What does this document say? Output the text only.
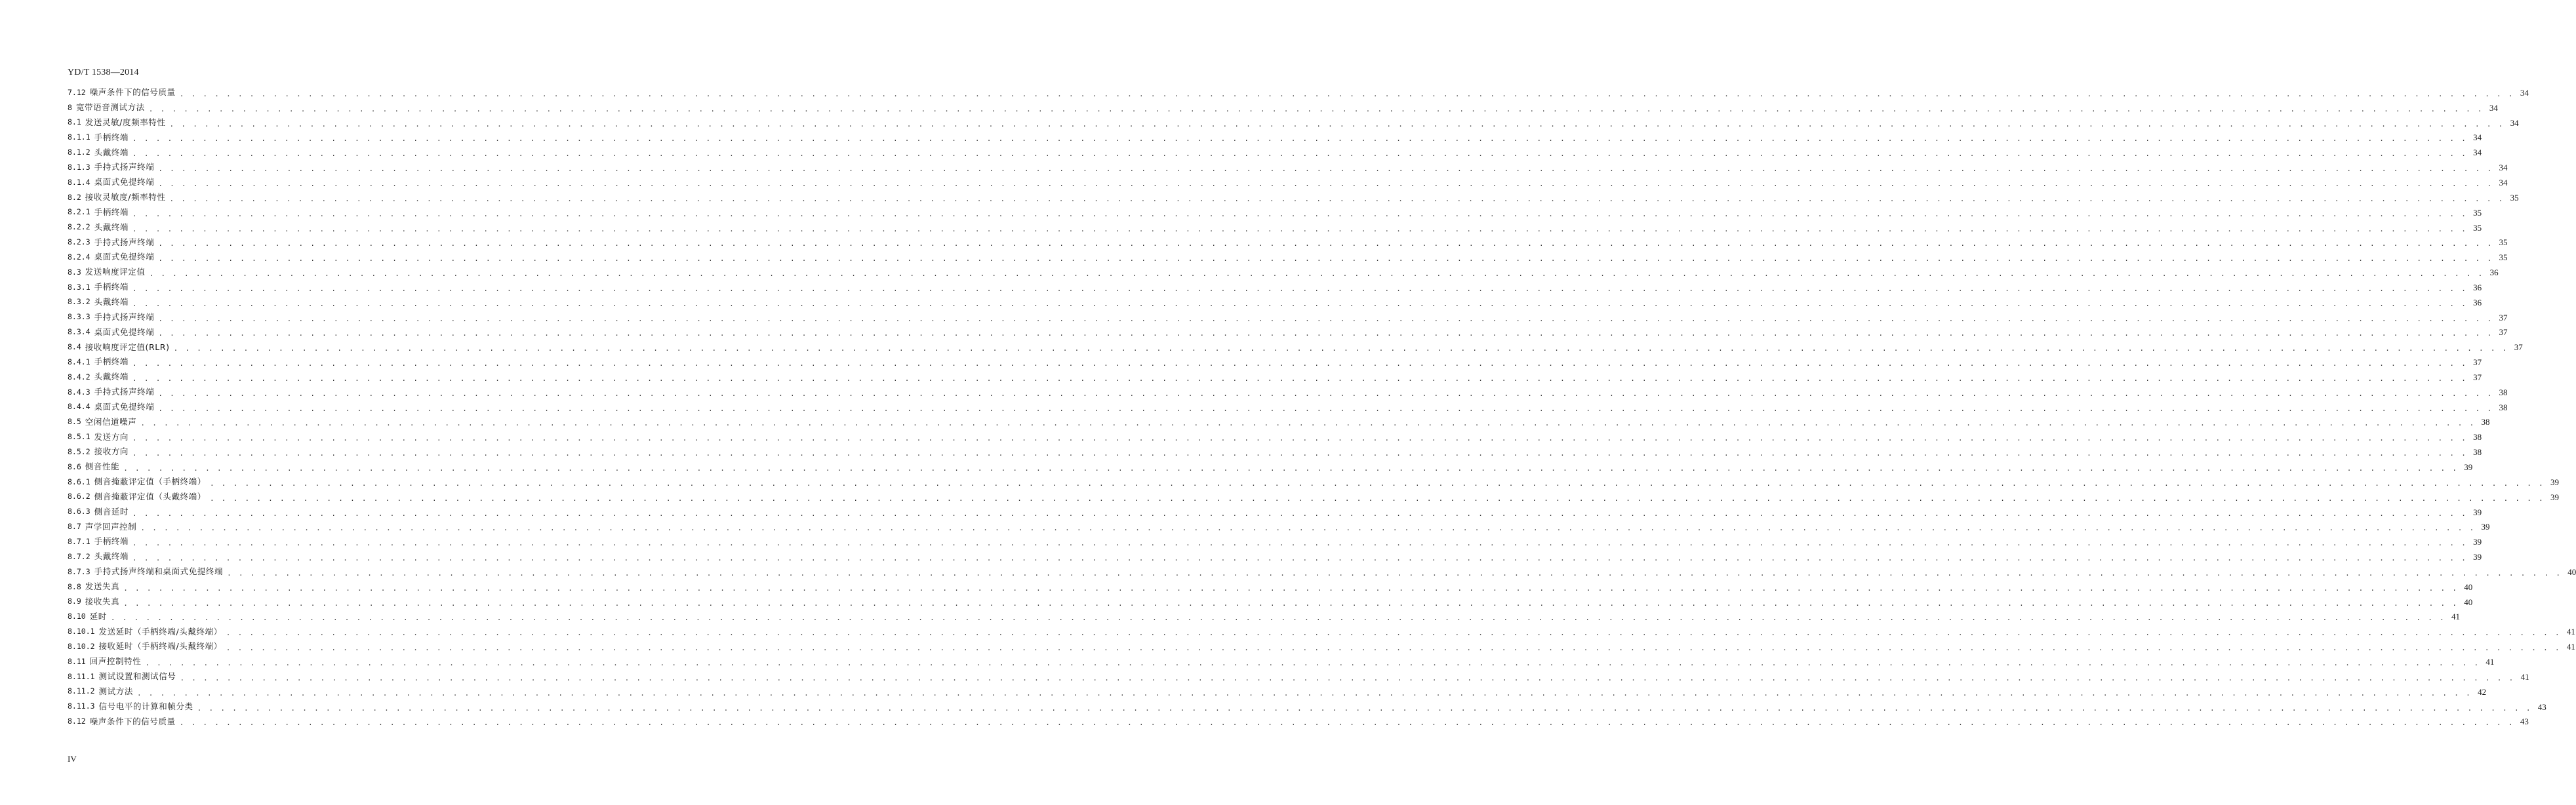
YD/T 1538—2014
7.12 噪声条件下的信号质量 . . . . . . . . . . . . . . . . . . . . . . . . . . . . . . . . . . . . . . . . . . . . . . . . . . . . . . . . . . . . . . . . . . . . . . . . . . . . . . . . . . . . . . . . . . . . . . . . . . . . . . . . . . . . . . . . . . . . . . . . . . . . . . . . . . . . . . . . . . . . . . . . . . . . . . . . . . . . . . . . . . . . . . . . . . . . . . . . . . . . . . . . . . . . . . . . . . . . . . . . 34
8 宽带语音测试方法 . . . . . . . . . . . . . . . . . . . . . . . . . . . . . . . . . . . . . . . . . . . . . . . . . . . . . . . . . . . . . . . . . . . . . . . . . . . . . . . . . . . . . . . . . . . . . . . . . . . . . . . . . . . . . . . . . . . . . . . . . . . . . . . . . . . . . . . . . . . . . . . . . . . . . . . . . . . . . . . . . . . . . . . . . . . . . . . . . . . . . . . . . . . . . . . . . . . . . . . . 34
8.1 发送灵敏/度频率特性 . . . . . . . . . . . . . . . . . . . . . . . . . . . . . . . . . . . . . . . . . . . . . . . . . . . . . . . . . . . . . . . . . . . . . . . . . . . . . . . . . . . . . . . . . . . . . . . . . . . . . . . . . . . . . . . . . . . . . . . . . . . . . . . . . . . . . . . . . . . . . . . . . . . . . . . . . . . . . . . . . . . . . . . . . . . . . . . . . . . . . . . . . . . . . . . . . . . . . . . . 34
8.1.1 手柄终端 . . . . . . . . . . . . . . . . . . . . . . . . . . . . . . . . . . . . . . . . . . . . . . . . . . . . . . . . . . . . . . . . . . . . . . . . . . . . . . . . . . . . . . . . . . . . . . . . . . . . . . . . . . . . . . . . . . . . . . . . . . . . . . . . . . . . . . . . . . . . . . . . . . . . . . . . . . . . . . . . . . . . . . . . . . . . . . . . . . . . . . . . . . . . . . . . . . . . . . . . 34
8.1.2 头戴终端 . . . . . . . . . . . . . . . . . . . . . . . . . . . . . . . . . . . . . . . . . . . . . . . . . . . . . . . . . . . . . . . . . . . . . . . . . . . . . . . . . . . . . . . . . . . . . . . . . . . . . . . . . . . . . . . . . . . . . . . . . . . . . . . . . . . . . . . . . . . . . . . . . . . . . . . . . . . . . . . . . . . . . . . . . . . . . . . . . . . . . . . . . . . . . . . . . . . . . . . . 34
8.1.3 手持式扬声终端 . . . . . . . . . . . . . . . . . . . . . . . . . . . . . . . . . . . . . . . . . . . . . . . . . . . . . . . . . . . . . . . . . . . . . . . . . . . . . . . . . . . . . . . . . . . . . . . . . . . . . . . . . . . . . . . . . . . . . . . . . . . . . . . . . . . . . . . . . . . . . . . . . . . . . . . . . . . . . . . . . . . . . . . . . . . . . . . . . . . . . . . . . . . . . . . . . . . . . . . . 34
8.1.4 桌面式免提终端 . . . . . . . . . . . . . . . . . . . . . . . . . . . . . . . . . . . . . . . . . . . . . . . . . . . . . . . . . . . . . . . . . . . . . . . . . . . . . . . . . . . . . . . . . . . . . . . . . . . . . . . . . . . . . . . . . . . . . . . . . . . . . . . . . . . . . . . . . . . . . . . . . . . . . . . . . . . . . . . . . . . . . . . . . . . . . . . . . . . . . . . . . . . . . . . . . . . . . . . . 34
8.2 接收灵敏度/频率特性 . . . . . . . . . . . . . . . . . . . . . . . . . . . . . . . . . . . . . . . . . . . . . . . . . . . . . . . . . . . . . . . . . . . . . . . . . . . . . . . . . . . . . . . . . . . . . . . . . . . . . . . . . . . . . . . . . . . . . . . . . . . . . . . . . . . . . . . . . . . . . . . . . . . . . . . . . . . . . . . . . . . . . . . . . . . . . . . . . . . . . . . . . . . . . . . . . . . . . . . . 35
8.2.1 手柄终端 . . . . . . . . . . . . . . . . . . . . . . . . . . . . . . . . . . . . . . . . . . . . . . . . . . . . . . . . . . . . . . . . . . . . . . . . . . . . . . . . . . . . . . . . . . . . . . . . . . . . . . . . . . . . . . . . . . . . . . . . . . . . . . . . . . . . . . . . . . . . . . . . . . . . . . . . . . . . . . . . . . . . . . . . . . . . . . . . . . . . . . . . . . . . . . . . . . . . . . . . 35
8.2.2 头戴终端 . . . . . . . . . . . . . . . . . . . . . . . . . . . . . . . . . . . . . . . . . . . . . . . . . . . . . . . . . . . . . . . . . . . . . . . . . . . . . . . . . . . . . . . . . . . . . . . . . . . . . . . . . . . . . . . . . . . . . . . . . . . . . . . . . . . . . . . . . . . . . . . . . . . . . . . . . . . . . . . . . . . . . . . . . . . . . . . . . . . . . . . . . . . . . . . . . . . . . . . . 35
8.2.3 手持式扬声终端 . . . . . . . . . . . . . . . . . . . . . . . . . . . . . . . . . . . . . . . . . . . . . . . . . . . . . . . . . . . . . . . . . . . . . . . . . . . . . . . . . . . . . . . . . . . . . . . . . . . . . . . . . . . . . . . . . . . . . . . . . . . . . . . . . . . . . . . . . . . . . . . . . . . . . . . . . . . . . . . . . . . . . . . . . . . . . . . . . . . . . . . . . . . . . . . . . . . . . . . . 35
8.2.4 桌面式免提终端 . . . . . . . . . . . . . . . . . . . . . . . . . . . . . . . . . . . . . . . . . . . . . . . . . . . . . . . . . . . . . . . . . . . . . . . . . . . . . . . . . . . . . . . . . . . . . . . . . . . . . . . . . . . . . . . . . . . . . . . . . . . . . . . . . . . . . . . . . . . . . . . . . . . . . . . . . . . . . . . . . . . . . . . . . . . . . . . . . . . . . . . . . . . . . . . . . . . . . . . . 35
8.3 发送响度评定值 . . . . . . . . . . . . . . . . . . . . . . . . . . . . . . . . . . . . . . . . . . . . . . . . . . . . . . . . . . . . . . . . . . . . . . . . . . . . . . . . . . . . . . . . . . . . . . . . . . . . . . . . . . . . . . . . . . . . . . . . . . . . . . . . . . . . . . . . . . . . . . . . . . . . . . . . . . . . . . . . . . . . . . . . . . . . . . . . . . . . . . . . . . . . . . . . . . . . . . . . 36
8.3.1 手柄终端 . . . . . . . . . . . . . . . . . . . . . . . . . . . . . . . . . . . . . . . . . . . . . . . . . . . . . . . . . . . . . . . . . . . . . . . . . . . . . . . . . . . . . . . . . . . . . . . . . . . . . . . . . . . . . . . . . . . . . . . . . . . . . . . . . . . . . . . . . . . . . . . . . . . . . . . . . . . . . . . . . . . . . . . . . . . . . . . . . . . . . . . . . . . . . . . . . . . . . . . . 36
8.3.2 头戴终端 . . . . . . . . . . . . . . . . . . . . . . . . . . . . . . . . . . . . . . . . . . . . . . . . . . . . . . . . . . . . . . . . . . . . . . . . . . . . . . . . . . . . . . . . . . . . . . . . . . . . . . . . . . . . . . . . . . . . . . . . . . . . . . . . . . . . . . . . . . . . . . . . . . . . . . . . . . . . . . . . . . . . . . . . . . . . . . . . . . . . . . . . . . . . . . . . . . . . . . . . 36
8.3.3 手持式扬声终端 . . . . . . . . . . . . . . . . . . . . . . . . . . . . . . . . . . . . . . . . . . . . . . . . . . . . . . . . . . . . . . . . . . . . . . . . . . . . . . . . . . . . . . . . . . . . . . . . . . . . . . . . . . . . . . . . . . . . . . . . . . . . . . . . . . . . . . . . . . . . . . . . . . . . . . . . . . . . . . . . . . . . . . . . . . . . . . . . . . . . . . . . . . . . . . . . . . . . . . . . 37
8.3.4 桌面式免提终端 . . . . . . . . . . . . . . . . . . . . . . . . . . . . . . . . . . . . . . . . . . . . . . . . . . . . . . . . . . . . . . . . . . . . . . . . . . . . . . . . . . . . . . . . . . . . . . . . . . . . . . . . . . . . . . . . . . . . . . . . . . . . . . . . . . . . . . . . . . . . . . . . . . . . . . . . . . . . . . . . . . . . . . . . . . . . . . . . . . . . . . . . . . . . . . . . . . . . . . . . 37
8.4 接收响度评定值(RLR) . . . . . . . . . . . . . . . . . . . . . . . . . . . . . . . . . . . . . . . . . . . . . . . . . . . . . . . . . . . . . . . . . . . . . . . . . . . . . . . . . . . . . . . . . . . . . . . . . . . . . . . . . . . . . . . . . . . . . . . . . . . . . . . . . . . . . . . . . . . . . . . . . . . . . . . . . . . . . . . . . . . . . . . . . . . . . . . . . . . . . . . . . . . . . . . . . . . . . . . . 37
8.4.1 手柄终端 . . . . . . . . . . . . . . . . . . . . . . . . . . . . . . . . . . . . . . . . . . . . . . . . . . . . . . . . . . . . . . . . . . . . . . . . . . . . . . . . . . . . . . . . . . . . . . . . . . . . . . . . . . . . . . . . . . . . . . . . . . . . . . . . . . . . . . . . . . . . . . . . . . . . . . . . . . . . . . . . . . . . . . . . . . . . . . . . . . . . . . . . . . . . . . . . . . . . . . . . 37
8.4.2 头戴终端 . . . . . . . . . . . . . . . . . . . . . . . . . . . . . . . . . . . . . . . . . . . . . . . . . . . . . . . . . . . . . . . . . . . . . . . . . . . . . . . . . . . . . . . . . . . . . . . . . . . . . . . . . . . . . . . . . . . . . . . . . . . . . . . . . . . . . . . . . . . . . . . . . . . . . . . . . . . . . . . . . . . . . . . . . . . . . . . . . . . . . . . . . . . . . . . . . . . . . . . . 37
8.4.3 手持式扬声终端 . . . . . . . . . . . . . . . . . . . . . . . . . . . . . . . . . . . . . . . . . . . . . . . . . . . . . . . . . . . . . . . . . . . . . . . . . . . . . . . . . . . . . . . . . . . . . . . . . . . . . . . . . . . . . . . . . . . . . . . . . . . . . . . . . . . . . . . . . . . . . . . . . . . . . . . . . . . . . . . . . . . . . . . . . . . . . . . . . . . . . . . . . . . . . . . . . . . . . . . . 38
8.4.4 桌面式免提终端 . . . . . . . . . . . . . . . . . . . . . . . . . . . . . . . . . . . . . . . . . . . . . . . . . . . . . . . . . . . . . . . . . . . . . . . . . . . . . . . . . . . . . . . . . . . . . . . . . . . . . . . . . . . . . . . . . . . . . . . . . . . . . . . . . . . . . . . . . . . . . . . . . . . . . . . . . . . . . . . . . . . . . . . . . . . . . . . . . . . . . . . . . . . . . . . . . . . . . . . . 38
8.5 空闲信道噪声 . . . . . . . . . . . . . . . . . . . . . . . . . . . . . . . . . . . . . . . . . . . . . . . . . . . . . . . . . . . . . . . . . . . . . . . . . . . . . . . . . . . . . . . . . . . . . . . . . . . . . . . . . . . . . . . . . . . . . . . . . . . . . . . . . . . . . . . . . . . . . . . . . . . . . . . . . . . . . . . . . . . . . . . . . . . . . . . . . . . . . . . . . . . . . . . . . . . . . . . . 38
8.5.1 发送方向 . . . . . . . . . . . . . . . . . . . . . . . . . . . . . . . . . . . . . . . . . . . . . . . . . . . . . . . . . . . . . . . . . . . . . . . . . . . . . . . . . . . . . . . . . . . . . . . . . . . . . . . . . . . . . . . . . . . . . . . . . . . . . . . . . . . . . . . . . . . . . . . . . . . . . . . . . . . . . . . . . . . . . . . . . . . . . . . . . . . . . . . . . . . . . . . . . . . . . . . . 38
8.5.2 接收方向 . . . . . . . . . . . . . . . . . . . . . . . . . . . . . . . . . . . . . . . . . . . . . . . . . . . . . . . . . . . . . . . . . . . . . . . . . . . . . . . . . . . . . . . . . . . . . . . . . . . . . . . . . . . . . . . . . . . . . . . . . . . . . . . . . . . . . . . . . . . . . . . . . . . . . . . . . . . . . . . . . . . . . . . . . . . . . . . . . . . . . . . . . . . . . . . . . . . . . . . . 38
8.6 侧音性能 . . . . . . . . . . . . . . . . . . . . . . . . . . . . . . . . . . . . . . . . . . . . . . . . . . . . . . . . . . . . . . . . . . . . . . . . . . . . . . . . . . . . . . . . . . . . . . . . . . . . . . . . . . . . . . . . . . . . . . . . . . . . . . . . . . . . . . . . . . . . . . . . . . . . . . . . . . . . . . . . . . . . . . . . . . . . . . . . . . . . . . . . . . . . . . . . . . . . . . . . 39
8.6.1 侧音掩蔽评定值（手柄终端） . . . . . . . . . . . . . . . . . . . . . . . . . . . . . . . . . . . . . . . . . . . . . . . . . . . . . . . . . . . . . . . . . . . . . . . . . . . . . . . . . . . . . . . . . . . . . . . . . . . . . . . . . . . . . . . . . . . . . . . . . . . . . . . . . . . . . . . . . . . . . . . . . . . . . . . . . . . . . . . . . . . . . . . . . . . . . . . . . . . . . . . . . . . . . . . . . . . . . . . . 39
8.6.2 侧音掩蔽评定值（头戴终端） . . . . . . . . . . . . . . . . . . . . . . . . . . . . . . . . . . . . . . . . . . . . . . . . . . . . . . . . . . . . . . . . . . . . . . . . . . . . . . . . . . . . . . . . . . . . . . . . . . . . . . . . . . . . . . . . . . . . . . . . . . . . . . . . . . . . . . . . . . . . . . . . . . . . . . . . . . . . . . . . . . . . . . . . . . . . . . . . . . . . . . . . . . . . . . . . . . . . . . . . 39
8.6.3 侧音延时 . . . . . . . . . . . . . . . . . . . . . . . . . . . . . . . . . . . . . . . . . . . . . . . . . . . . . . . . . . . . . . . . . . . . . . . . . . . . . . . . . . . . . . . . . . . . . . . . . . . . . . . . . . . . . . . . . . . . . . . . . . . . . . . . . . . . . . . . . . . . . . . . . . . . . . . . . . . . . . . . . . . . . . . . . . . . . . . . . . . . . . . . . . . . . . . . . . . . . . . . 39
8.7 声学回声控制 . . . . . . . . . . . . . . . . . . . . . . . . . . . . . . . . . . . . . . . . . . . . . . . . . . . . . . . . . . . . . . . . . . . . . . . . . . . . . . . . . . . . . . . . . . . . . . . . . . . . . . . . . . . . . . . . . . . . . . . . . . . . . . . . . . . . . . . . . . . . . . . . . . . . . . . . . . . . . . . . . . . . . . . . . . . . . . . . . . . . . . . . . . . . . . . . . . . . . . . . 39
8.7.1 手柄终端 . . . . . . . . . . . . . . . . . . . . . . . . . . . . . . . . . . . . . . . . . . . . . . . . . . . . . . . . . . . . . . . . . . . . . . . . . . . . . . . . . . . . . . . . . . . . . . . . . . . . . . . . . . . . . . . . . . . . . . . . . . . . . . . . . . . . . . . . . . . . . . . . . . . . . . . . . . . . . . . . . . . . . . . . . . . . . . . . . . . . . . . . . . . . . . . . . . . . . . . . 39
8.7.2 头戴终端 . . . . . . . . . . . . . . . . . . . . . . . . . . . . . . . . . . . . . . . . . . . . . . . . . . . . . . . . . . . . . . . . . . . . . . . . . . . . . . . . . . . . . . . . . . . . . . . . . . . . . . . . . . . . . . . . . . . . . . . . . . . . . . . . . . . . . . . . . . . . . . . . . . . . . . . . . . . . . . . . . . . . . . . . . . . . . . . . . . . . . . . . . . . . . . . . . . . . . . . . 39
8.7.3 手持式扬声终端和桌面式免提终端 . . . . . . . . . . . . . . . . . . . . . . . . . . . . . . . . . . . . . . . . . . . . . . . . . . . . . . . . . . . . . . . . . . . . . . . . . . . . . . . . . . . . . . . . . . . . . . . . . . . . . . . . . . . . . . . . . . . . . . . . . . . . . . . . . . . . . . . . . . . . . . . . . . . . . . . . . . . . . . . . . . . . . . . . . . . . . . . . . . . . . . . . . . . . . . . . . . . . . . . . 40
8.8 发送失真 . . . . . . . . . . . . . . . . . . . . . . . . . . . . . . . . . . . . . . . . . . . . . . . . . . . . . . . . . . . . . . . . . . . . . . . . . . . . . . . . . . . . . . . . . . . . . . . . . . . . . . . . . . . . . . . . . . . . . . . . . . . . . . . . . . . . . . . . . . . . . . . . . . . . . . . . . . . . . . . . . . . . . . . . . . . . . . . . . . . . . . . . . . . . . . . . . . . . . . . . 40
8.9 接收失真 . . . . . . . . . . . . . . . . . . . . . . . . . . . . . . . . . . . . . . . . . . . . . . . . . . . . . . . . . . . . . . . . . . . . . . . . . . . . . . . . . . . . . . . . . . . . . . . . . . . . . . . . . . . . . . . . . . . . . . . . . . . . . . . . . . . . . . . . . . . . . . . . . . . . . . . . . . . . . . . . . . . . . . . . . . . . . . . . . . . . . . . . . . . . . . . . . . . . . . . . 40
8.10 延时 . . . . . . . . . . . . . . . . . . . . . . . . . . . . . . . . . . . . . . . . . . . . . . . . . . . . . . . . . . . . . . . . . . . . . . . . . . . . . . . . . . . . . . . . . . . . . . . . . . . . . . . . . . . . . . . . . . . . . . . . . . . . . . . . . . . . . . . . . . . . . . . . . . . . . . . . . . . . . . . . . . . . . . . . . . . . . . . . . . . . . . . . . . . . . . . . . . . . . . . . 41
8.10.1 发送延时（手柄终端/头戴终端） . . . . . . . . . . . . . . . . . . . . . . . . . . . . . . . . . . . . . . . . . . . . . . . . . . . . . . . . . . . . . . . . . . . . . . . . . . . . . . . . . . . . . . . . . . . . . . . . . . . . . . . . . . . . . . . . . . . . . . . . . . . . . . . . . . . . . . . . . . . . . . . . . . . . . . . . . . . . . . . . . . . . . . . . . . . . . . . . . . . . . . . . . . . . . . . . . . . . . . . . 41
8.10.2 接收延时（手柄终端/头戴终端） . . . . . . . . . . . . . . . . . . . . . . . . . . . . . . . . . . . . . . . . . . . . . . . . . . . . . . . . . . . . . . . . . . . . . . . . . . . . . . . . . . . . . . . . . . . . . . . . . . . . . . . . . . . . . . . . . . . . . . . . . . . . . . . . . . . . . . . . . . . . . . . . . . . . . . . . . . . . . . . . . . . . . . . . . . . . . . . . . . . . . . . . . . . . . . . . . . . . . . . . 41
8.11 回声控制特性 . . . . . . . . . . . . . . . . . . . . . . . . . . . . . . . . . . . . . . . . . . . . . . . . . . . . . . . . . . . . . . . . . . . . . . . . . . . . . . . . . . . . . . . . . . . . . . . . . . . . . . . . . . . . . . . . . . . . . . . . . . . . . . . . . . . . . . . . . . . . . . . . . . . . . . . . . . . . . . . . . . . . . . . . . . . . . . . . . . . . . . . . . . . . . . . . . . . . . . . . 41
8.11.1 测试设置和测试信号 . . . . . . . . . . . . . . . . . . . . . . . . . . . . . . . . . . . . . . . . . . . . . . . . . . . . . . . . . . . . . . . . . . . . . . . . . . . . . . . . . . . . . . . . . . . . . . . . . . . . . . . . . . . . . . . . . . . . . . . . . . . . . . . . . . . . . . . . . . . . . . . . . . . . . . . . . . . . . . . . . . . . . . . . . . . . . . . . . . . . . . . . . . . . . . . . . . . . . . . . 41
8.11.2 测试方法 . . . . . . . . . . . . . . . . . . . . . . . . . . . . . . . . . . . . . . . . . . . . . . . . . . . . . . . . . . . . . . . . . . . . . . . . . . . . . . . . . . . . . . . . . . . . . . . . . . . . . . . . . . . . . . . . . . . . . . . . . . . . . . . . . . . . . . . . . . . . . . . . . . . . . . . . . . . . . . . . . . . . . . . . . . . . . . . . . . . . . . . . . . . . . . . . . . . . . . . . 42
8.11.3 信号电平的计算和帧分类 . . . . . . . . . . . . . . . . . . . . . . . . . . . . . . . . . . . . . . . . . . . . . . . . . . . . . . . . . . . . . . . . . . . . . . . . . . . . . . . . . . . . . . . . . . . . . . . . . . . . . . . . . . . . . . . . . . . . . . . . . . . . . . . . . . . . . . . . . . . . . . . . . . . . . . . . . . . . . . . . . . . . . . . . . . . . . . . . . . . . . . . . . . . . . . . . . . . . . . . . 43
8.12 噪声条件下的信号质量 . . . . . . . . . . . . . . . . . . . . . . . . . . . . . . . . . . . . . . . . . . . . . . . . . . . . . . . . . . . . . . . . . . . . . . . . . . . . . . . . . . . . . . . . . . . . . . . . . . . . . . . . . . . . . . . . . . . . . . . . . . . . . . . . . . . . . . . . . . . . . . . . . . . . . . . . . . . . . . . . . . . . . . . . . . . . . . . . . . . . . . . . . . . . . . . . . . . . . . . . 43
IV
